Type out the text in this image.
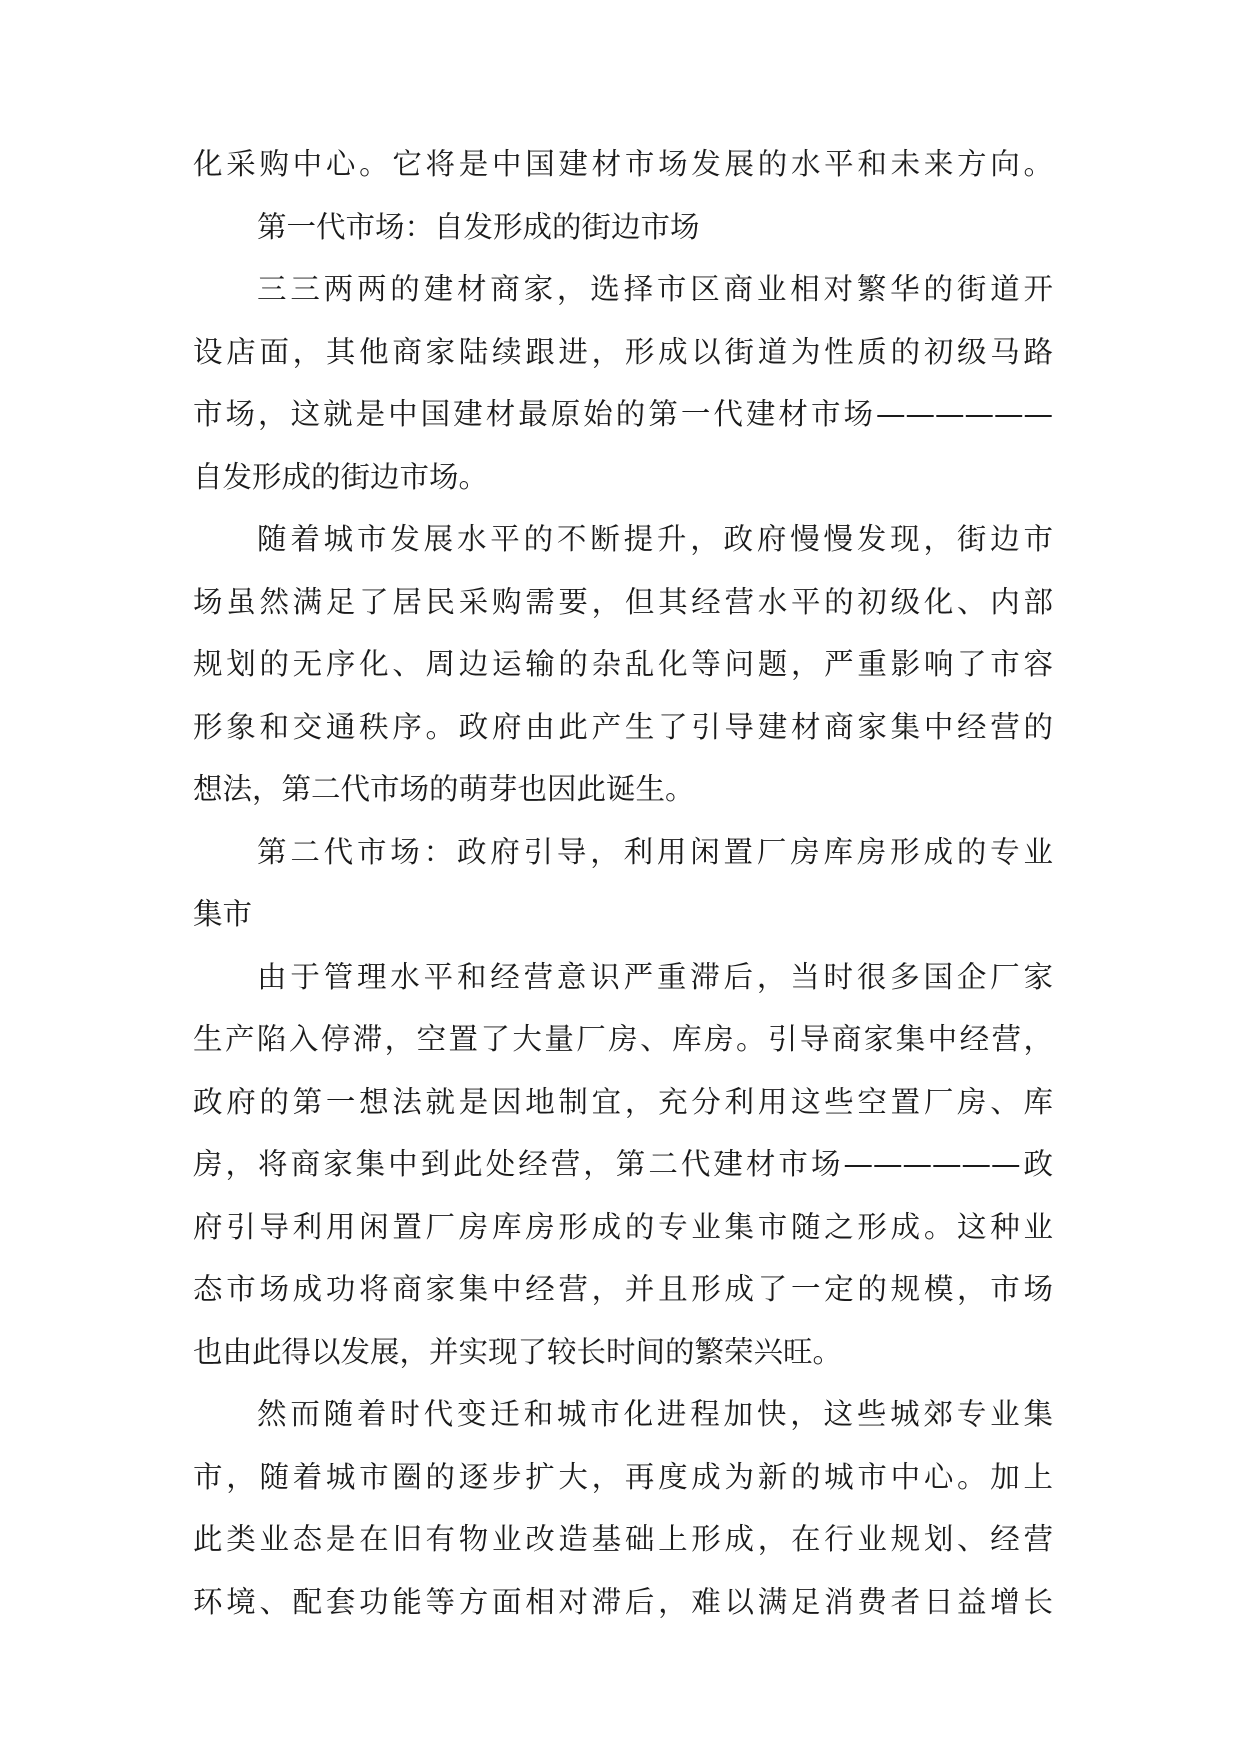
化采购中心。它将是中国建材市场发展的水平和未来方向。
第一代市场：自发形成的街边市场
三三两两的建材商家，选择市区商业相对繁华的街道开
设店面，其他商家陆续跟进，形成以街道为性质的初级马路
市场，这就是中国建材最原始的第一代建材市场——————
自发形成的街边市场。
随着城市发展水平的不断提升，政府慢慢发现，街边市
场虽然满足了居民采购需要，但其经营水平的初级化、内部
规划的无序化、周边运输的杂乱化等问题，严重影响了市容
形象和交通秩序。政府由此产生了引导建材商家集中经营的
想法，第二代市场的萌芽也因此诞生。
第二代市场：政府引导，利用闲置厂房库房形成的专业
集市
由于管理水平和经营意识严重滞后，当时很多国企厂家
生产陷入停滞，空置了大量厂房、库房。引导商家集中经营，
政府的第一想法就是因地制宜，充分利用这些空置厂房、库
房，将商家集中到此处经营，第二代建材市场——————政
府引导利用闲置厂房库房形成的专业集市随之形成。这种业
态市场成功将商家集中经营，并且形成了一定的规模，市场
也由此得以发展，并实现了较长时间的繁荣兴旺。
然而随着时代变迁和城市化进程加快，这些城郊专业集
市，随着城市圈的逐步扩大，再度成为新的城市中心。加上
此类业态是在旧有物业改造基础上形成，在行业规划、经营
环境、配套功能等方面相对滞后，难以满足消费者日益增长
